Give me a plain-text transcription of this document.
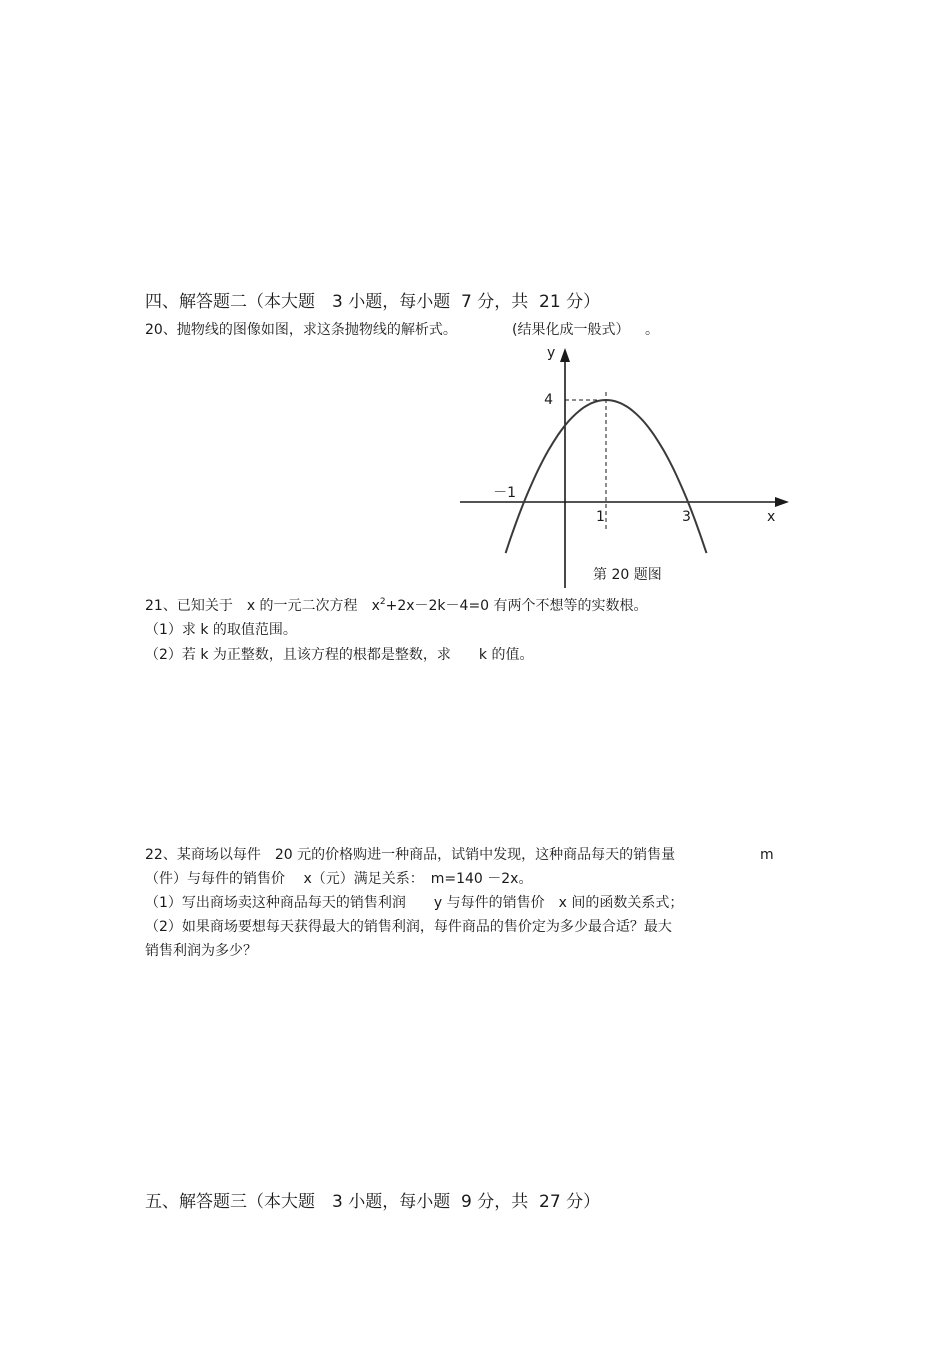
四、解答题二（本大题　3 小题，每小题  7 分，共  21 分）
20、抛物线的图像如图，求这条抛物线的解析式。	(结果化成一般式） 。
y
x
4
－1
1	3
第 20 题图
21、已知关于　x 的一元二次方程　$x^2+2x-2k-4=0$ 有两个不想等的实数根。
（1）求 k 的取值范围。
（2）若 k 为正整数，且该方程的根都是整数，求　　k 的值。
22、某商场以每件　20 元的价格购进一种商品，试销中发现，这种商品每天的销售量	m
（件）与每件的销售价　 x（元）满足关系：　m=140 －2x。
（1）写出商场卖这种商品每天的销售利润　　y 与每件的销售价　x 间的函数关系式；
（2）如果商场要想每天获得最大的销售利润，每件商品的售价定为多少最合适？最大
销售利润为多少？
五、解答题三（本大题　3 小题，每小题  9 分，共  27 分）
